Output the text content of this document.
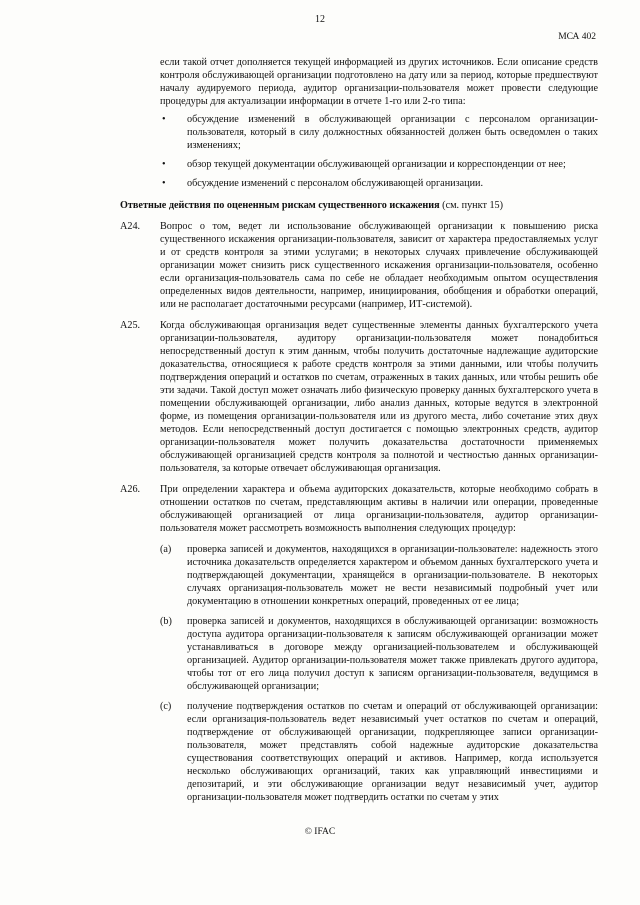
12
МСА 402

если такой отчет дополняется текущей информацией из других источников. Если описание средств контроля обслуживающей организации подготовлено на дату или за период, которые предшествуют началу аудируемого периода, аудитор организации-пользователя может провести следующие процедуры для актуализации информации в отчете 1-го или 2-го типа:

• обсуждение изменений в обслуживающей организации с персоналом организации-пользователя, который в силу должностных обязанностей должен быть осведомлен о таких изменениях;
• обзор текущей документации обслуживающей организации и корреспонденции от нее;
• обсуждение изменений с персоналом обслуживающей организации.

Ответные действия по оцененным рискам существенного искажения (см. пункт 15)

A24. Вопрос о том, ведет ли использование обслуживающей организации к повышению риска существенного искажения организации-пользователя, зависит от характера предоставляемых услуг и от средств контроля за этими услугами; в некоторых случаях привлечение обслуживающей организации может снизить риск существенного искажения организации-пользователя, особенно если организация-пользователь сама по себе не обладает необходимым опытом осуществления определенных видов деятельности, например, инициирования, обобщения и обработки операций, или не располагает достаточными ресурсами (например, ИТ-системой).

A25. Когда обслуживающая организация ведет существенные элементы данных бухгалтерского учета организации-пользователя, аудитору организации-пользователя может понадобиться непосредственный доступ к этим данным, чтобы получить достаточные надлежащие аудиторские доказательства, относящиеся к работе средств контроля за этими данными, или чтобы получить подтверждения операций и остатков по счетам, отраженных в таких данных, или чтобы решить обе эти задачи. Такой доступ может означать либо физическую проверку данных бухгалтерского учета в помещении обслуживающей организации, либо анализ данных, которые ведутся в электронной форме, из помещения организации-пользователя или из другого места, либо сочетание этих двух методов. Если непосредственный доступ достигается с помощью электронных средств, аудитор организации-пользователя может получить доказательства достаточности применяемых обслуживающей организацией средств контроля за полнотой и честностью данных организации-пользователя, за которые отвечает обслуживающая организация.

A26. При определении характера и объема аудиторских доказательств, которые необходимо собрать в отношении остатков по счетам, представляющим активы в наличии или операции, проведенные обслуживающей организацией от лица организации-пользователя, аудитор организации-пользователя может рассмотреть возможность выполнения следующих процедур:

(a) проверка записей и документов, находящихся в организации-пользователе: надежность этого источника доказательств определяется характером и объемом данных бухгалтерского учета и подтверждающей документации, хранящейся в организации-пользователе. В некоторых случаях организация-пользователь может не вести независимый подробный учет или документацию в отношении конкретных операций, проведенных от ее лица;

(b) проверка записей и документов, находящихся в обслуживающей организации: возможность доступа аудитора организации-пользователя к записям обслуживающей организации может устанавливаться в договоре между организацией-пользователем и обслуживающей организацией. Аудитор организации-пользователя может также привлекать другого аудитора, чтобы тот от его лица получил доступ к записям организации-пользователя, ведущимся в обслуживающей организации;

(c) получение подтверждения остатков по счетам и операций от обслуживающей организации: если организация-пользователь ведет независимый учет остатков по счетам и операций, подтверждение от обслуживающей организации, подкрепляющее записи организации-пользователя, может представлять собой надежные аудиторские доказательства существования соответствующих операций и активов. Например, когда используется несколько обслуживающих организаций, таких как управляющий инвестициями и депозитарий, и эти обслуживающие организации ведут независимый учет, аудитор организации-пользователя может подтвердить остатки по счетам у этих

© IFAC
